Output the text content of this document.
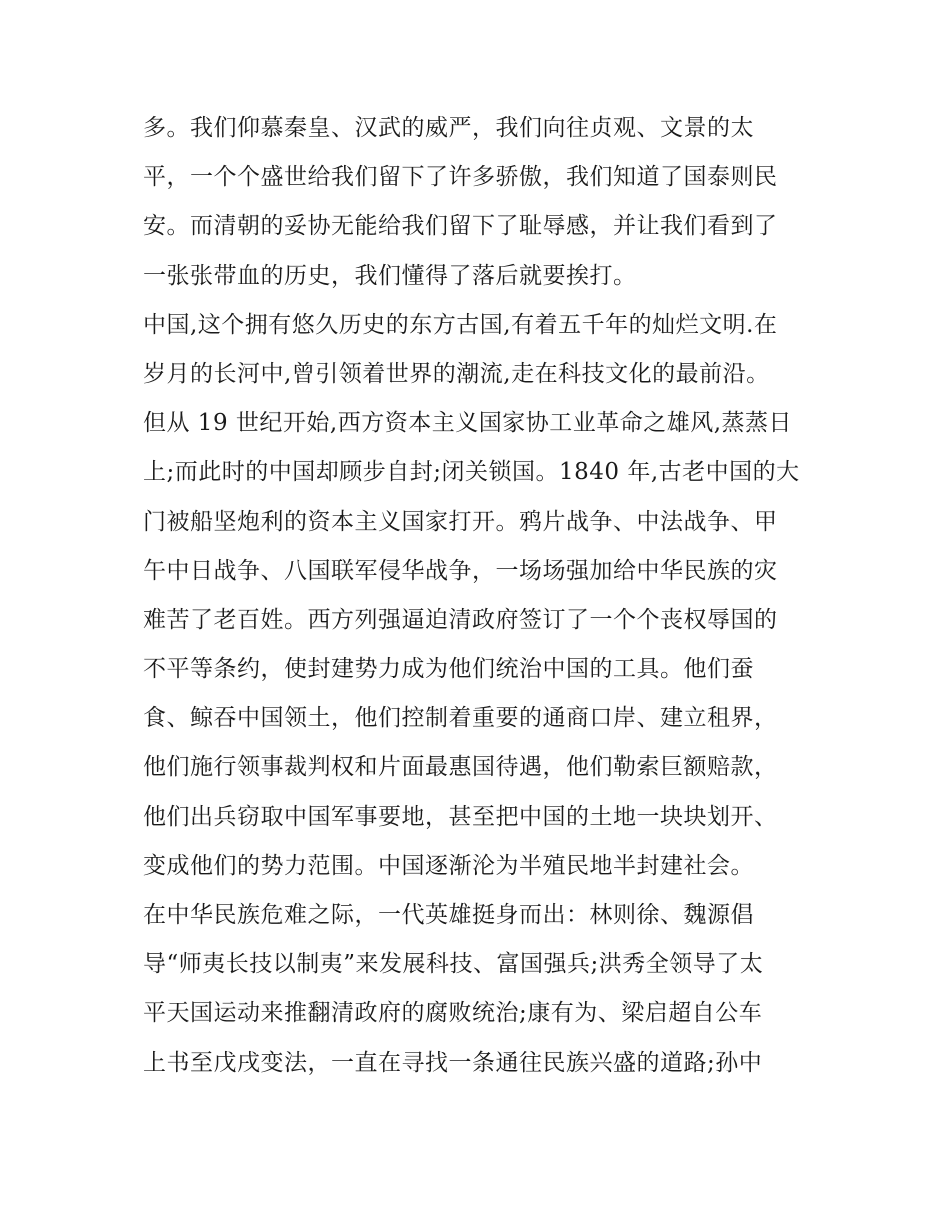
多。我们仰慕秦皇、汉武的威严，我们向往贞观、文景的太
平，一个个盛世给我们留下了许多骄傲，我们知道了国泰则民
安。而清朝的妥协无能给我们留下了耻辱感，并让我们看到了
一张张带血的历史，我们懂得了落后就要挨打。
中国,这个拥有悠久历史的东方古国,有着五千年的灿烂文明.在
岁月的长河中,曾引领着世界的潮流,走在科技文化的最前沿。
但从 19 世纪开始,西方资本主义国家协工业革命之雄风,蒸蒸日
上;而此时的中国却顾步自封;闭关锁国。1840 年,古老中国的大
门被船坚炮利的资本主义国家打开。鸦片战争、中法战争、甲
午中日战争、八国联军侵华战争，一场场强加给中华民族的灾
难苦了老百姓。西方列强逼迫清政府签订了一个个丧权辱国的
不平等条约，使封建势力成为他们统治中国的工具。他们蚕
食、鲸吞中国领土，他们控制着重要的通商口岸、建立租界，
他们施行领事裁判权和片面最惠国待遇，他们勒索巨额赔款，
他们出兵窃取中国军事要地，甚至把中国的土地一块块划开、
变成他们的势力范围。中国逐渐沦为半殖民地半封建社会。
在中华民族危难之际，一代英雄挺身而出：林则徐、魏源倡
导“师夷长技以制夷”来发展科技、富国强兵;洪秀全领导了太
平天国运动来推翻清政府的腐败统治;康有为、梁启超自公车
上书至戊戌变法，一直在寻找一条通往民族兴盛的道路;孙中
